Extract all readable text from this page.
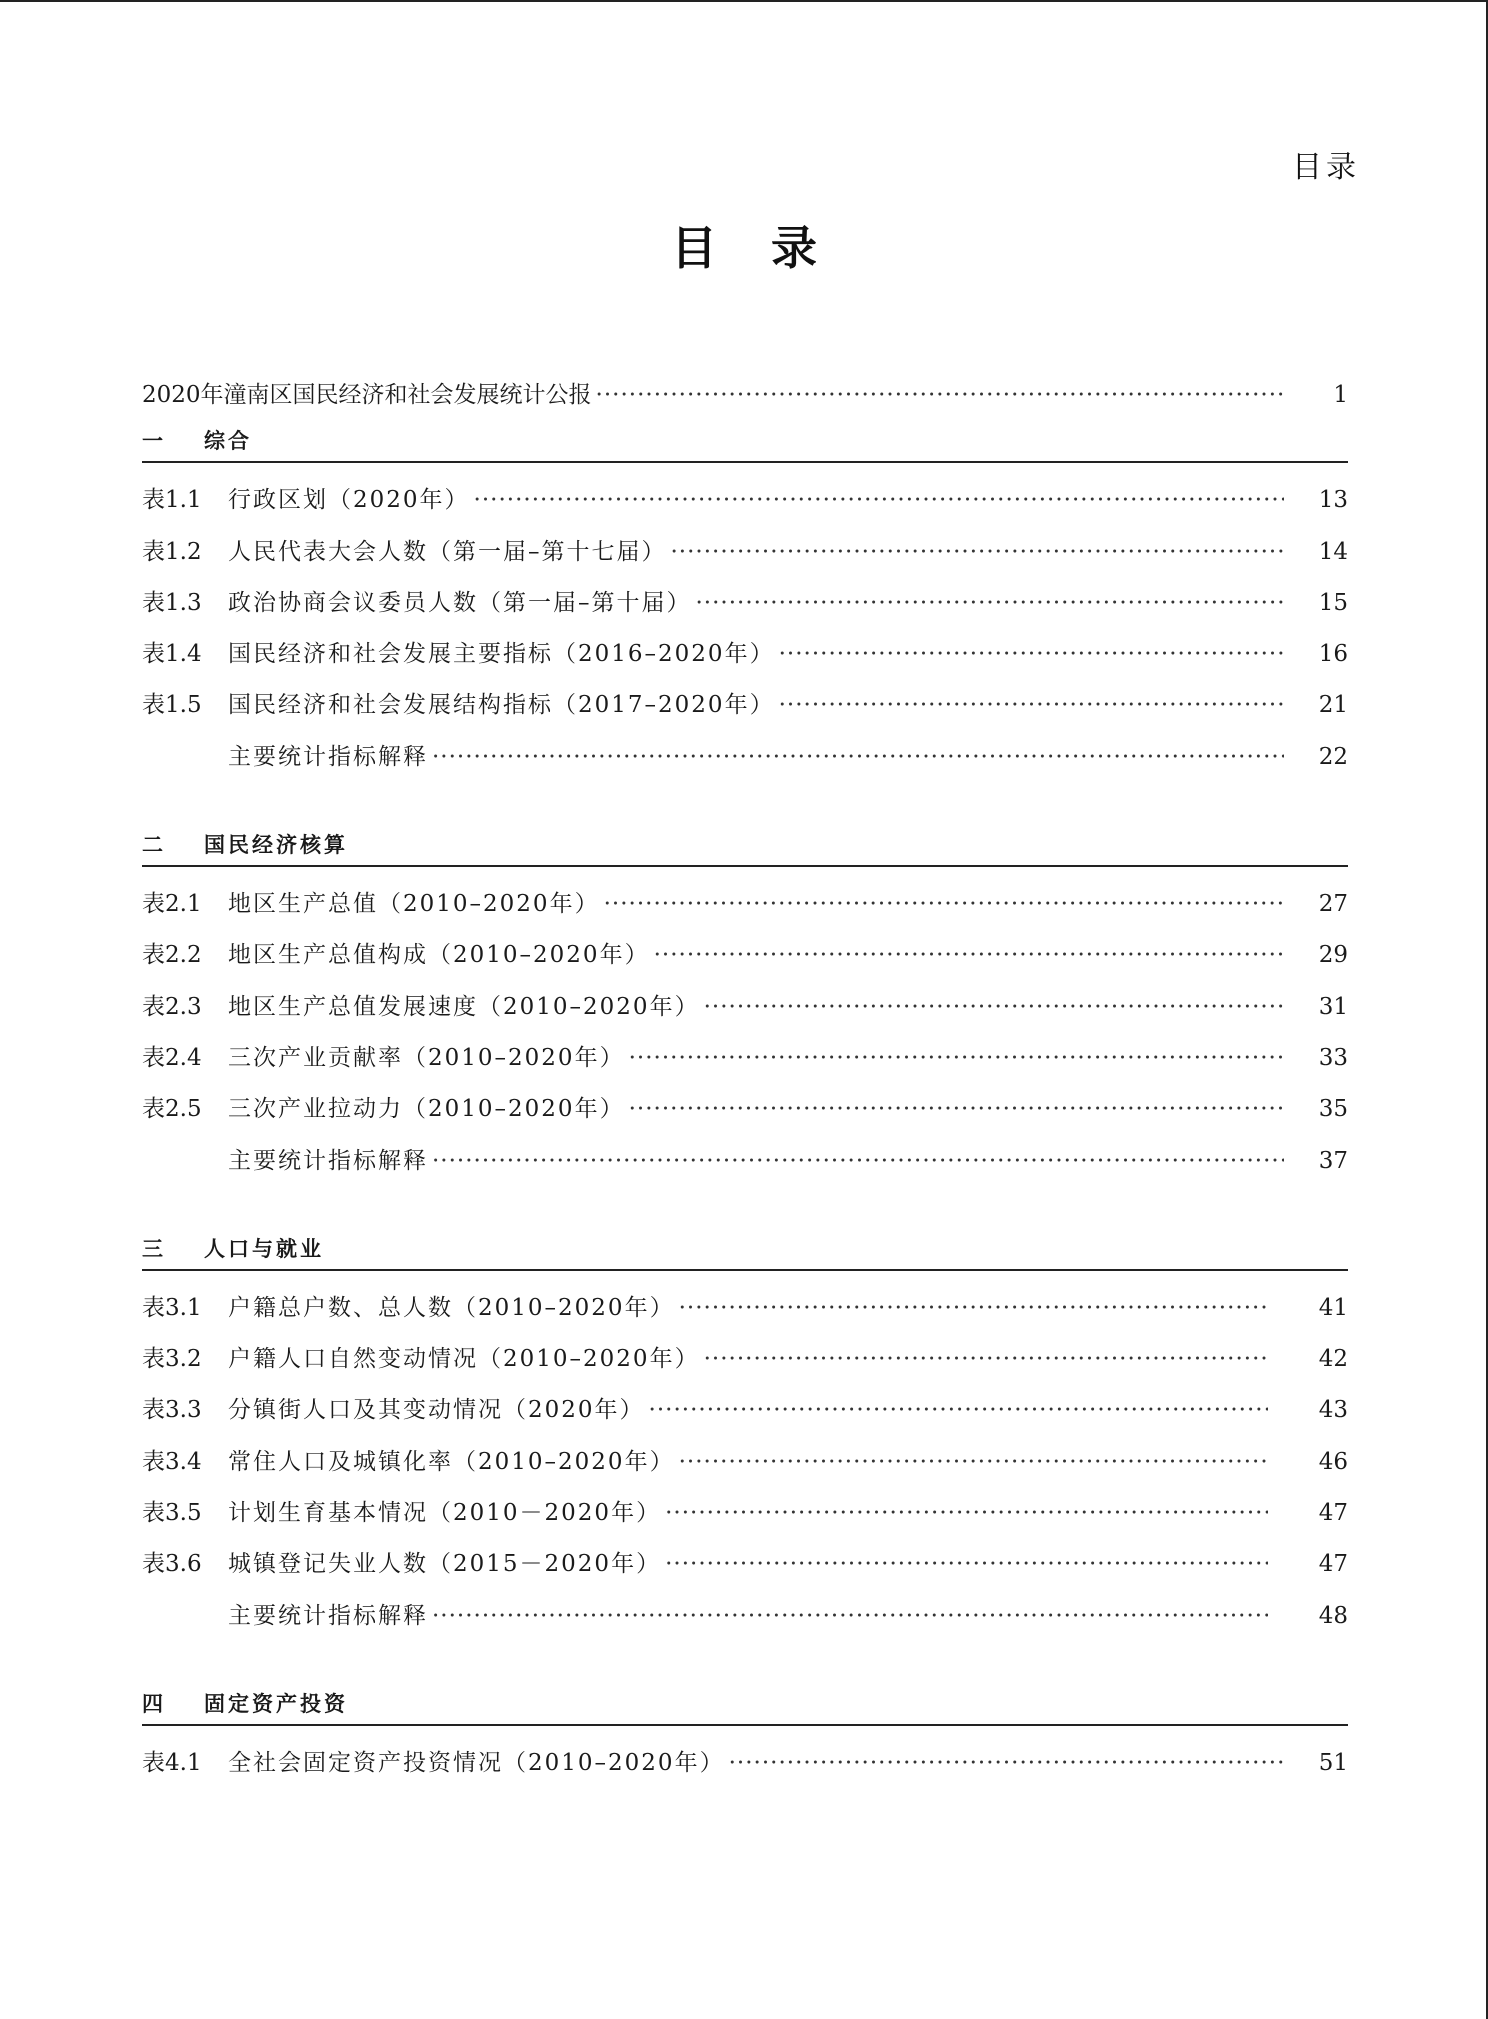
目录
目 录
2020年潼南区国民经济和社会发展统计公报 ·····	1
一	综合
表1.1	行政区划（2020年） ·····	13
表1.2	人民代表大会人数（第一届–第十七届） ·····	14
表1.3	政治协商会议委员人数（第一届–第十届） ·····	15
表1.4	国民经济和社会发展主要指标（2016–2020年） ·····	16
表1.5	国民经济和社会发展结构指标（2017–2020年） ·····	21
主要统计指标解释 ·····	22
二	国民经济核算
表2.1	地区生产总值（2010–2020年） ·····	27
表2.2	地区生产总值构成（2010–2020年） ·····	29
表2.3	地区生产总值发展速度（2010–2020年） ·····	31
表2.4	三次产业贡献率（2010–2020年） ·····	33
表2.5	三次产业拉动力（2010–2020年） ·····	35
主要统计指标解释 ·····	37
三	人口与就业
表3.1	户籍总户数、总人数（2010–2020年） ·····	41
表3.2	户籍人口自然变动情况（2010–2020年） ·····	42
表3.3	分镇街人口及其变动情况（2020年） ·····	43
表3.4	常住人口及城镇化率（2010–2020年） ·····	46
表3.5	计划生育基本情况（2010－2020年） ·····	47
表3.6	城镇登记失业人数（2015－2020年） ·····	47
主要统计指标解释 ·····	48
四	固定资产投资
表4.1	全社会固定资产投资情况（2010–2020年） ·····	51
